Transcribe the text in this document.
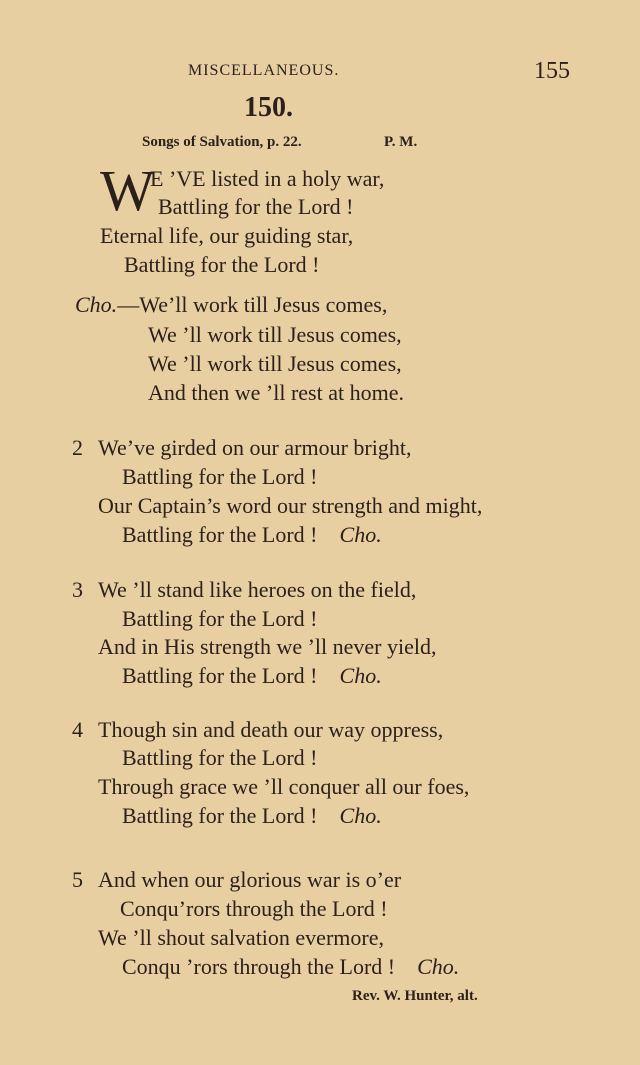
MISCELLANEOUS.	155
150.
Songs of Salvation, p. 22.	P. M.
W
E ’VE listed in a holy war,
Battling for the Lord !
Eternal life, our guiding star,
Battling for the Lord !
Cho.—We’ll work till Jesus comes,
We ’ll work till Jesus comes,
We ’ll work till Jesus comes,
And then we ’ll rest at home.
2 We’ve girded on our armour bright,
Battling for the Lord !
Our Captain’s word our strength and might,
Battling for the Lord ! Cho.
3 We ’ll stand like heroes on the field,
Battling for the Lord !
And in His strength we ’ll never yield,
Battling for the Lord ! Cho.
4 Though sin and death our way oppress,
Battling for the Lord !
Through grace we ’ll conquer all our foes,
Battling for the Lord ! Cho.
5 And when our glorious war is o’er
Conqu’rors through the Lord !
We ’ll shout salvation evermore,
Conqu ’rors through the Lord ! Cho.
Rev. W. Hunter, alt.
